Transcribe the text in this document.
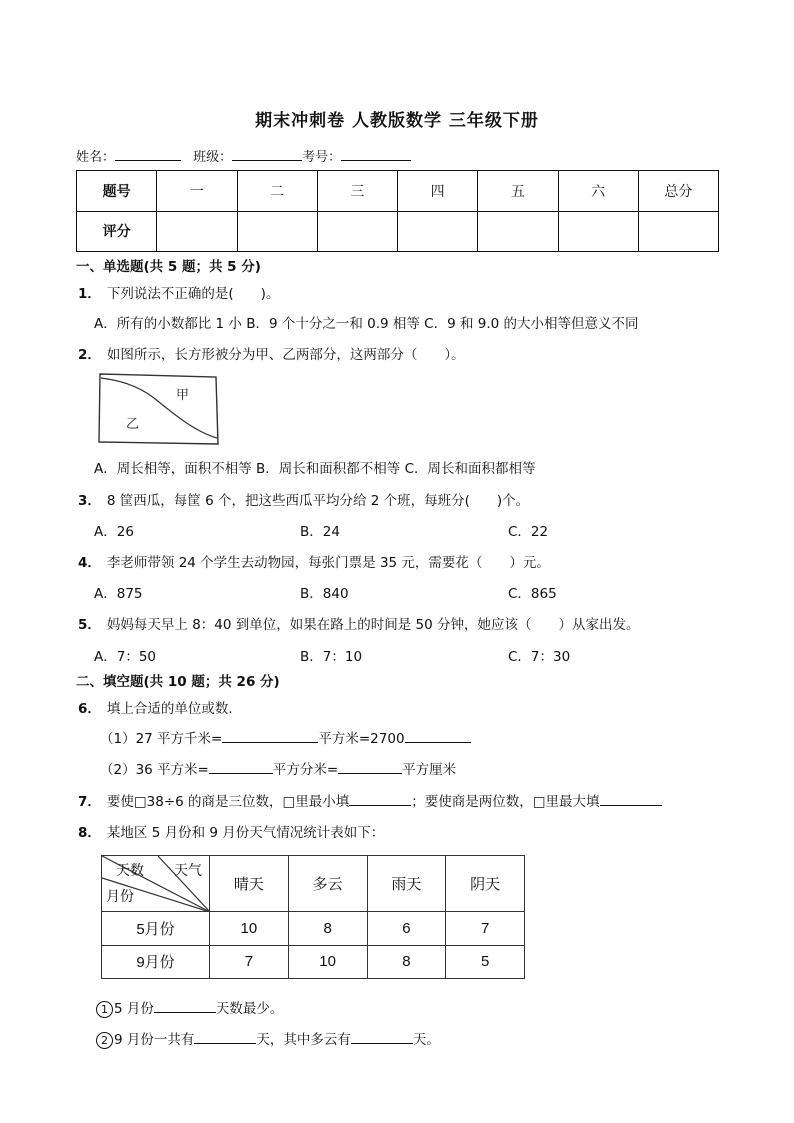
期末冲刺卷 人教版数学 三年级下册
姓名：	班级：	考号：
题号	一	二	三	四	五	六	总分
评分							
一、单选题(共 5 题；共 5 分)
1． 下列说法不正确的是(　　)。
A．所有的小数都比 1 小 B．9 个十分之一和 0.9 相等 C．9 和 9.0 的大小相等但意义不同
2． 如图所示，长方形被分为甲、乙两部分，这两部分（　　）。
甲
乙
A．周长相等，面积不相等 B．周长和面积都不相等 C．周长和面积都相等
3． 8 筐西瓜，每筐 6 个，把这些西瓜平均分给 2 个班，每班分(　　)个。
A．26	B．24	C．22
4． 李老师带领 24 个学生去动物园，每张门票是 35 元，需要花（　　）元。
A．875	B．840	C．865
5． 妈妈每天早上 8：40 到单位，如果在路上的时间是 50 分钟，她应该（　　）从家出发。
A．7：50	B．7：10	C．7：30
二、填空题(共 10 题；共 26 分)
6． 填上合适的单位或数．
（1）27 平方千米=	平方米=2700
（2）36 平方米=	平方分米=	平方厘米
7． 要使□38÷6 的商是三位数，□里最小填	；要使商是两位数，□里最大填
8． 某地区 5 月份和 9 月份天气情况统计表如下：
天数 天气
月份	晴天	多云	雨天	阴天
5月份	10	8	6	7
9月份	7	10	8	5
1 5 月份	天数最少。
2 9 月份一共有	天，其中多云有	天。
